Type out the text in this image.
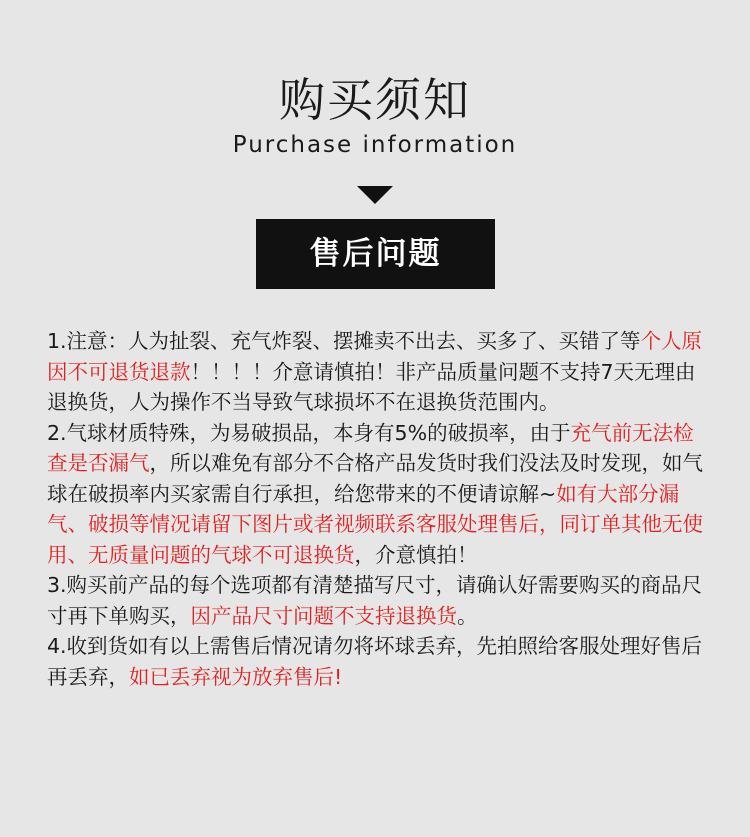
购买须知
Purchase information
售后问题

1.注意：人为扯裂、充气炸裂、摆摊卖不出去、买多了、买错了等个人原因不可退货退款！！！！介意请慎拍！非产品质量问题不支持7天无理由退换货，人为操作不当导致气球损坏不在退换货范围内。

2.气球材质特殊，为易破损品，本身有5%的破损率，由于充气前无法检查是否漏气，所以难免有部分不合格产品发货时我们没法及时发现，如气球在破损率内买家需自行承担，给您带来的不便请谅解~如有大部分漏气、破损等情况请留下图片或者视频联系客服处理售后，同订单其他无使用、无质量问题的气球不可退换货，介意慎拍！

3.购买前产品的每个选项都有清楚描写尺寸，请确认好需要购买的商品尺寸再下单购买，因产品尺寸问题不支持退换货。

4.收到货如有以上需售后情况请勿将坏球丢弃，先拍照给客服处理好售后再丢弃，如已丢弃视为放弃售后!
